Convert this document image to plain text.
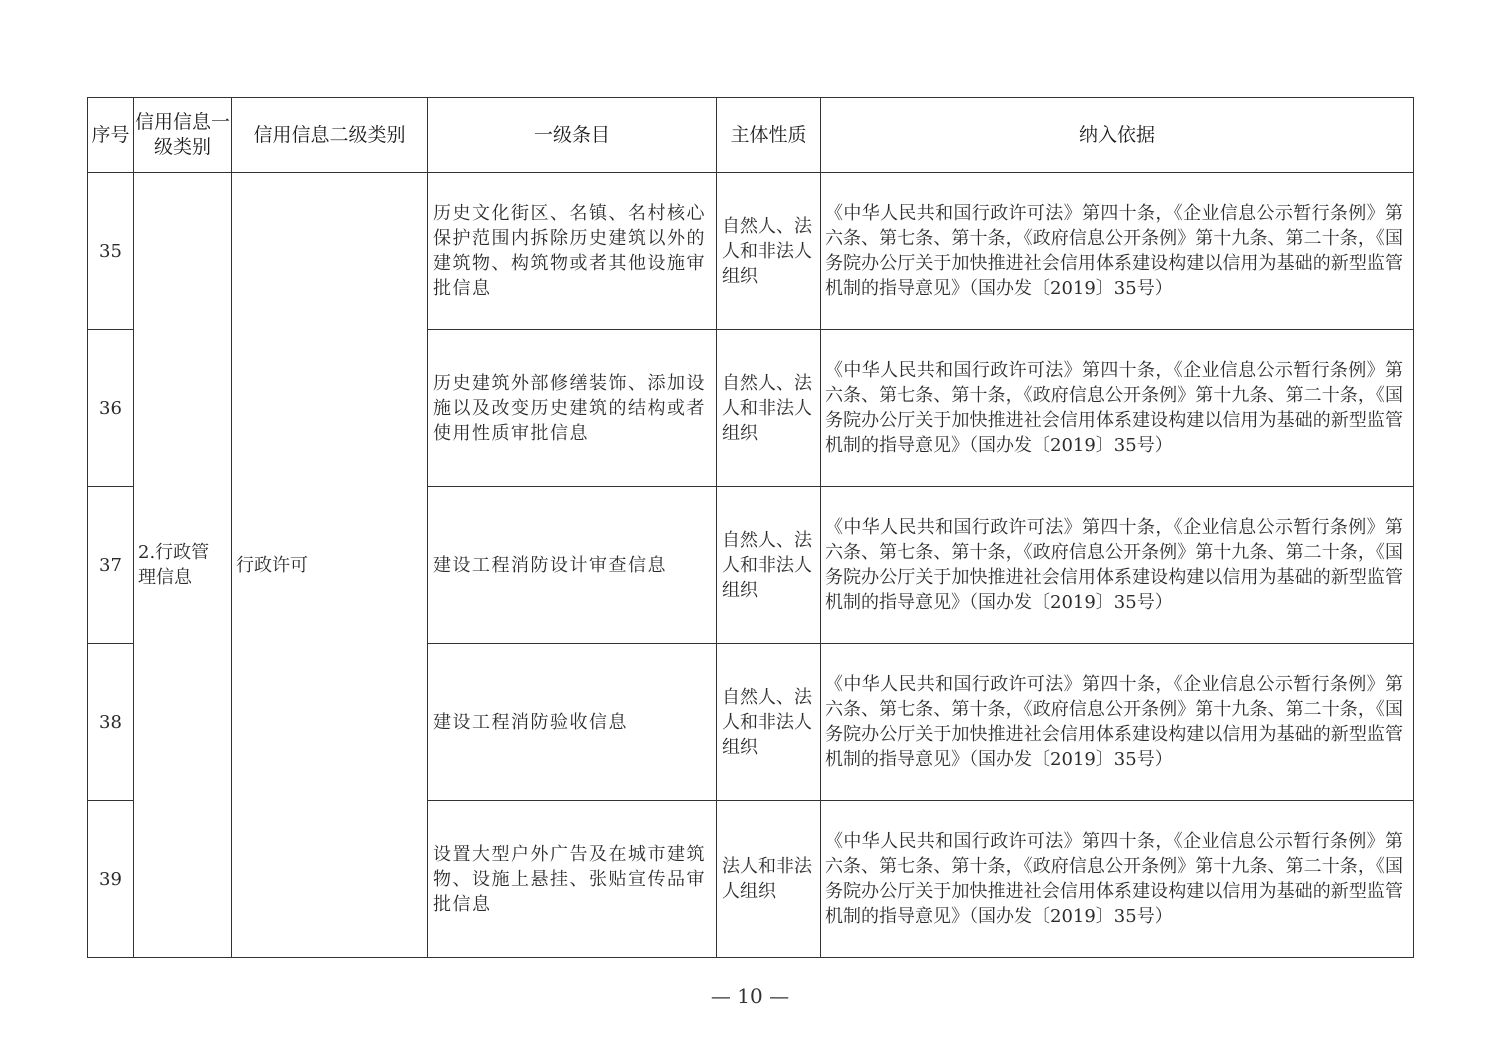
序号	信用信息一级类别	信用信息二级类别	一级条目	主体性质	纳入依据
35	2.行政管理信息	行政许可	历史文化街区、名镇、名村核心保护范围内拆除历史建筑以外的建筑物、构筑物或者其他设施审批信息	自然人、法人和非法人组织	《中华人民共和国行政许可法》第四十条，《企业信息公示暂行条例》第六条、第七条、第十条，《政府信息公开条例》第十九条、第二十条，《国务院办公厅关于加快推进社会信用体系建设构建以信用为基础的新型监管机制的指导意见》（国办发〔2019〕35号）
36			历史建筑外部修缮装饰、添加设施以及改变历史建筑的结构或者使用性质审批信息	自然人、法人和非法人组织	《中华人民共和国行政许可法》第四十条，《企业信息公示暂行条例》第六条、第七条、第十条，《政府信息公开条例》第十九条、第二十条，《国务院办公厅关于加快推进社会信用体系建设构建以信用为基础的新型监管机制的指导意见》（国办发〔2019〕35号）
37			建设工程消防设计审查信息	自然人、法人和非法人组织	《中华人民共和国行政许可法》第四十条，《企业信息公示暂行条例》第六条、第七条、第十条，《政府信息公开条例》第十九条、第二十条，《国务院办公厅关于加快推进社会信用体系建设构建以信用为基础的新型监管机制的指导意见》（国办发〔2019〕35号）
38			建设工程消防验收信息	自然人、法人和非法人组织	《中华人民共和国行政许可法》第四十条，《企业信息公示暂行条例》第六条、第七条、第十条，《政府信息公开条例》第十九条、第二十条，《国务院办公厅关于加快推进社会信用体系建设构建以信用为基础的新型监管机制的指导意见》（国办发〔2019〕35号）
39			设置大型户外广告及在城市建筑物、设施上悬挂、张贴宣传品审批信息	法人和非法人组织	《中华人民共和国行政许可法》第四十条，《企业信息公示暂行条例》第六条、第七条、第十条，《政府信息公开条例》第十九条、第二十条，《国务院办公厅关于加快推进社会信用体系建设构建以信用为基础的新型监管机制的指导意见》（国办发〔2019〕35号）
— 10 —
